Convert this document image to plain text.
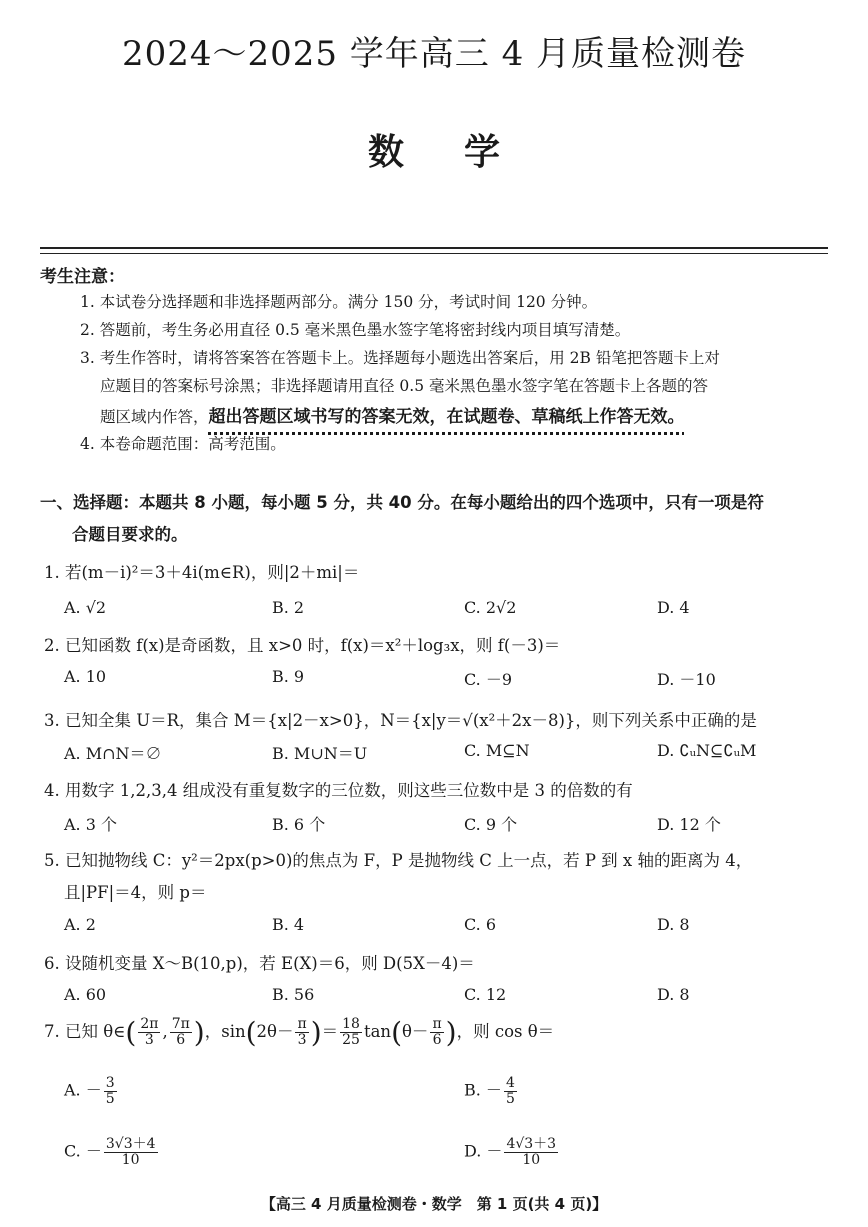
2024～2025 学年高三 4 月质量检测卷
数学
考生注意：
1. 本试卷分选择题和非选择题两部分。满分 150 分，考试时间 120 分钟。
2. 答题前，考生务必用直径 0.5 毫米黑色墨水签字笔将密封线内项目填写清楚。
3. 考生作答时，请将答案答在答题卡上。选择题每小题选出答案后，用 2B 铅笔把答题卡上对
应题目的答案标号涂黑；非选择题请用直径 0.5 毫米黑色墨水签字笔在答题卡上各题的答
题区域内作答，超出答题区域书写的答案无效，在试题卷、草稿纸上作答无效。
4. 本卷命题范围：高考范围。
一、选择题：本题共 8 小题，每小题 5 分，共 40 分。在每小题给出的四个选项中，只有一项是符
合题目要求的。
1. 若(m－i)²＝3＋4i(m∈R)，则|2＋mi|＝
A. √2	B. 2	C. 2√2	D. 4
2. 已知函数 f(x)是奇函数，且 x>0 时，f(x)＝x²＋log₃x，则 f(－3)＝
A. 10	B. 9	C. －9	D. －10
3. 已知全集 U＝R，集合 M＝{x|2－x>0}，N＝{x|y＝√(x²＋2x－8)}，则下列关系中正确的是
A. M∩N＝∅	B. M∪N＝U	C. M⊆N	D. ∁ᵤN⊆∁ᵤM
4. 用数字 1,2,3,4 组成没有重复数字的三位数，则这些三位数中是 3 的倍数的有
A. 3 个	B. 6 个	C. 9 个	D. 12 个
5. 已知抛物线 C：y²＝2px(p>0)的焦点为 F，P 是抛物线 C 上一点，若 P 到 x 轴的距离为 4，
且|PF|＝4，则 p＝
A. 2	B. 4	C. 6	D. 8
6. 设随机变量 X～B(10,p)，若 E(X)＝6，则 D(5X－4)＝
A. 60	B. 56	C. 12	D. 8
7. 已知 θ∈( $\frac{2\pi}{3}$ , $\frac{7\pi}{6}$ )，$\sin(2\theta- \frac{\pi}{3}$ )＝ $\frac{18}{25} \tan(\theta- \frac{\pi}{6}$ )，则 cos θ＝
A. － $\frac{3}{5}$	B. － $\frac{4}{5}$
C. － $\frac{3√3+4}{10}$	D. － $\frac{4√3+3}{10}$
【高三 4 月质量检测卷・数学　第 1 页(共 4 页)】
